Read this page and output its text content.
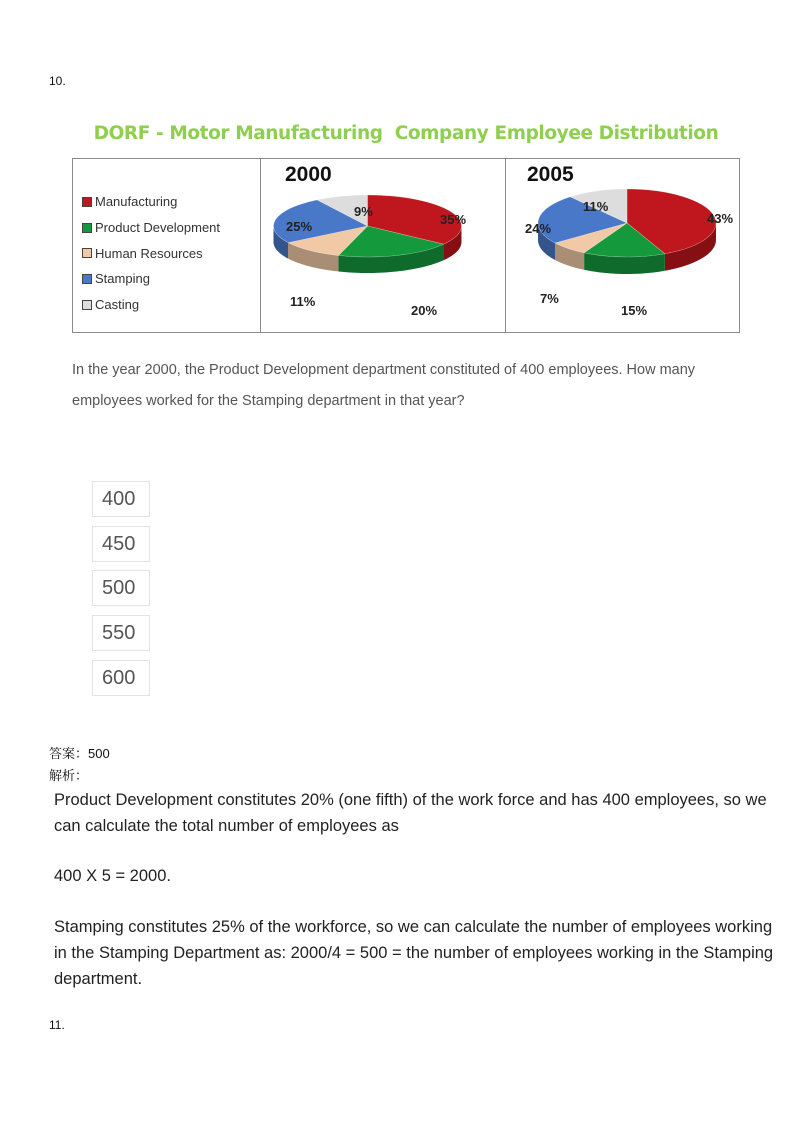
10.
DORF - Motor Manufacturing  Company Employee Distribution
Manufacturing
Product Development
Human Resources
Stamping
Casting
2000
35%
20%
11%
25%
9%
2005
43%
15%
7%
24%
11%
In the year 2000, the Product Development department constituted of 400 employees. How many employees worked for the Stamping department in that year?
400
450
500
550
600
答案：500
解析：
Product Development constitutes 20% (one fifth) of the work force and has 400 employees, so we can calculate the total number of employees as
400 X 5 = 2000.
Stamping constitutes 25% of the workforce, so we can calculate the number of employees working in the Stamping Department as: 2000/4 = 500 = the number of employees working in the Stamping department.
11.
